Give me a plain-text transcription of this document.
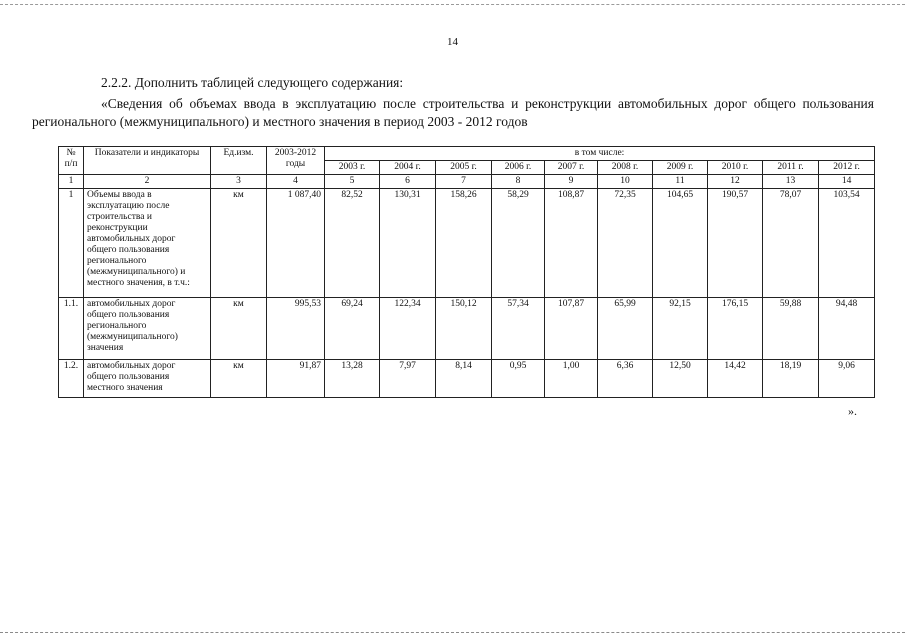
14
2.2.2. Дополнить таблицей следующего содержания:
«Сведения об объемах ввода в эксплуатацию после строительства и реконструкции автомобильных дорог общего пользования регионального (межмуниципального) и местного значения в период 2003 - 2012 годов
№ п/п	Показатели и индикаторы	Ед.изм.	2003-2012 годы	в том числе:									
				2003 г.	2004 г.	2005 г.	2006 г.	2007 г.	2008 г.	2009 г.	2010 г.	2011 г.	2012 г.
1	2	3	4	5	6	7	8	9	10	11	12	13	14
1	Объемы ввода в эксплуатацию после строительства и реконструкции автомобильных дорог общего пользования регионального (межмуниципального) и местного значения, в т.ч.:	км	1 087,40	82,52	130,31	158,26	58,29	108,87	72,35	104,65	190,57	78,07	103,54
1.1.	автомобильных дорог общего пользования регионального (межмуниципального) значения	км	995,53	69,24	122,34	150,12	57,34	107,87	65,99	92,15	176,15	59,88	94,48
1.2.	автомобильных дорог общего пользования местного значения	км	91,87	13,28	7,97	8,14	0,95	1,00	6,36	12,50	14,42	18,19	9,06
».
